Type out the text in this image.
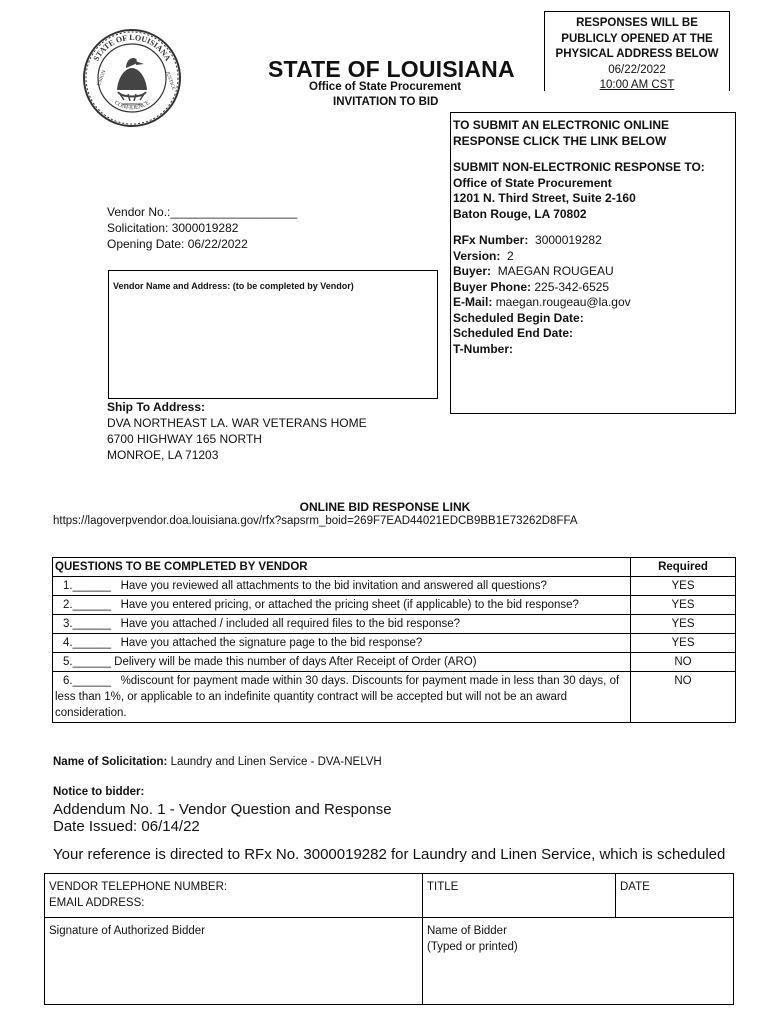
STATE OF LOUISIANA
CONFIDENCE
UNION	JUSTICE	STATE OF LOUISIANA
Office of State Procurement
INVITATION TO BID
RESPONSES WILL BE
PUBLICLY OPENED AT THE
PHYSICAL ADDRESS BELOW
06/22/2022
10:00 AM CST
TO SUBMIT AN ELECTRONIC ONLINE
RESPONSE CLICK THE LINK BELOW
SUBMIT NON-ELECTRONIC RESPONSE TO:
Office of State Procurement
1201 N. Third Street, Suite 2-160
Baton Rouge, LA 70802
RFx Number: 3000019282
Version: 2
Buyer: MAEGAN ROUGEAU
Buyer Phone: 225-342-6525
E-Mail: maegan.rougeau@la.gov
Scheduled Begin Date:
Scheduled End Date:
T-Number:
Vendor No.:___________________
Solicitation: 3000019282
Opening Date: 06/22/2022
Vendor Name and Address: (to be completed by Vendor)
Ship To Address:
DVA NORTHEAST LA. WAR VETERANS HOME
6700 HIGHWAY 165 NORTH
MONROE, LA 71203
ONLINE BID RESPONSE LINK
https://lagoverpvendor.doa.louisiana.gov/rfx?sapsrm_boid=269F7EAD44021EDCB9BB1E73262D8FFA
QUESTIONS TO BE COMPLETED BY VENDOR	Required
1.______ Have you reviewed all attachments to the bid invitation and answered all questions?	YES
2.______ Have you entered pricing, or attached the pricing sheet (if applicable) to the bid response?	YES
3.______ Have you attached / included all required files to the bid response?	YES
4.______ Have you attached the signature page to the bid response?	YES
5.______ Delivery will be made this number of days After Receipt of Order (ARO)	NO
6.______ %discount for payment made within 30 days. Discounts for payment made in less than 30 days, of less than 1%, or applicable to an indefinite quantity contract will be accepted but will not be an award consideration.	NO
Name of Solicitation: Laundry and Linen Service - DVA-NELVH
Notice to bidder:
Addendum No. 1 - Vendor Question and Response
Date Issued: 06/14/22
Your reference is directed to RFx No. 3000019282 for Laundry and Linen Service, which is scheduled
VENDOR TELEPHONE NUMBER:
EMAIL ADDRESS:	TITLE	DATE
Signature of Authorized Bidder	Name of Bidder
(Typed or printed)	
